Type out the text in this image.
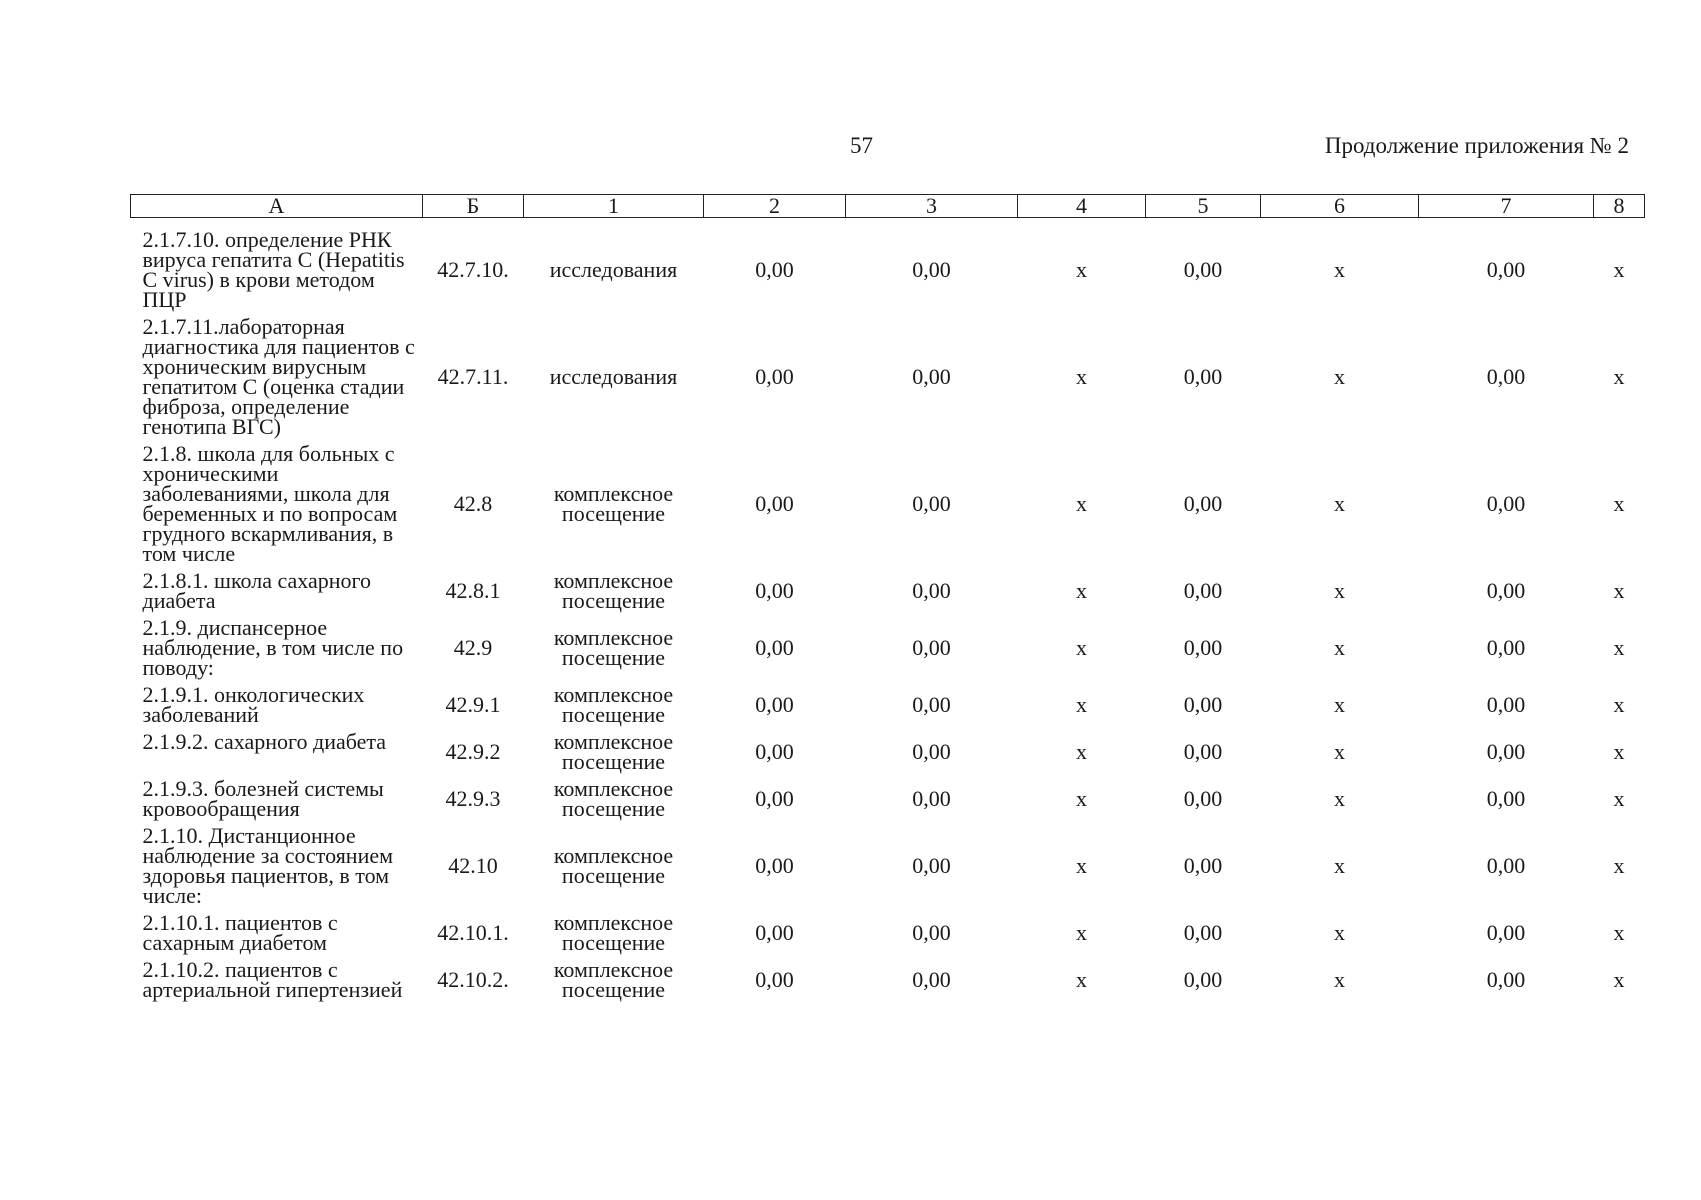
57	Продолжение приложения № 2
А	Б	1	2	3	4	5	6	7	8
2.1.7.10. определение РНК вируса гепатита С (Hepatitis C virus) в крови методом ПЦР	42.7.10.	исследования	0,00	0,00	х	0,00	х	0,00	х
2.1.7.11.лабораторная диагностика для пациентов с хроническим вирусным гепатитом С (оценка стадии фиброза, определение генотипа ВГС)	42.7.11.	исследования	0,00	0,00	х	0,00	х	0,00	х
2.1.8. школа для больных с хроническими заболеваниями, школа для беременных и по вопросам грудного вскармливания, в том числе	42.8	комплексное посещение	0,00	0,00	х	0,00	х	0,00	х
2.1.8.1. школа сахарного диабета	42.8.1	комплексное посещение	0,00	0,00	х	0,00	х	0,00	х
2.1.9. диспансерное наблюдение, в том числе по поводу:	42.9	комплексное посещение	0,00	0,00	х	0,00	х	0,00	х
2.1.9.1. онкологических заболеваний	42.9.1	комплексное посещение	0,00	0,00	х	0,00	х	0,00	х
2.1.9.2. сахарного диабета	42.9.2	комплексное посещение	0,00	0,00	х	0,00	х	0,00	х
2.1.9.3. болезней системы кровообращения	42.9.3	комплексное посещение	0,00	0,00	х	0,00	х	0,00	х
2.1.10. Дистанционное наблюдение за состоянием здоровья пациентов, в том числе:	42.10	комплексное посещение	0,00	0,00	х	0,00	х	0,00	х
2.1.10.1. пациентов с сахарным диабетом	42.10.1.	комплексное посещение	0,00	0,00	х	0,00	х	0,00	х
2.1.10.2. пациентов с артериальной гипертензией	42.10.2.	комплексное посещение	0,00	0,00	х	0,00	х	0,00	х
